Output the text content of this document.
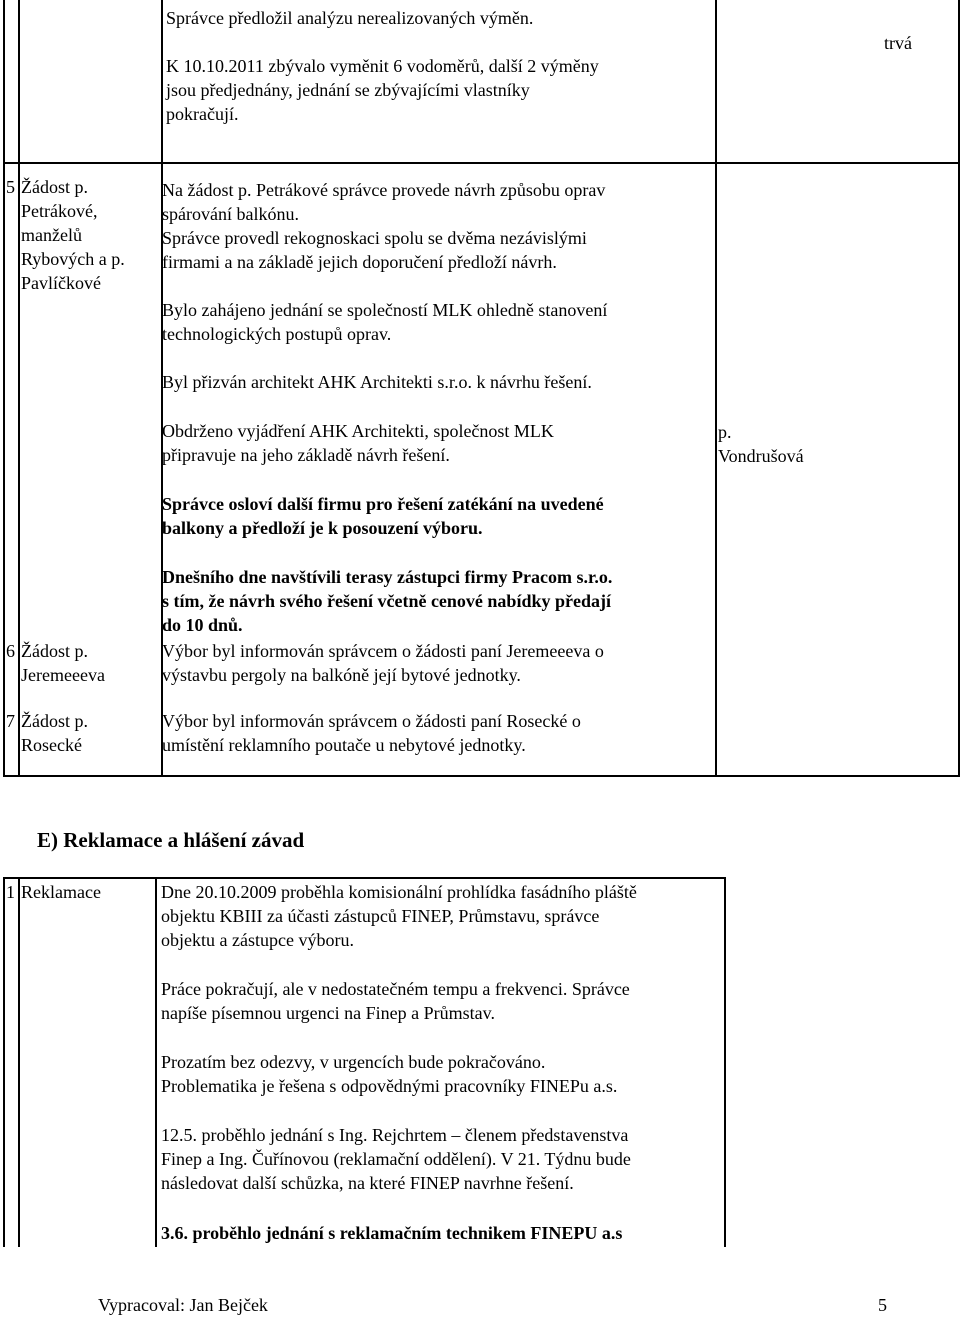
Správce předložil analýzu nerealizovaných výměn.
K 10.10.2011 zbývalo vyměnit 6 vodoměrů, další 2 výměny
jsou předjednány, jednání se zbývajícími vlastníky
pokračují.
trvá
5 Žádost p.
Petrákové,
manželů
Rybových a p.
Pavlíčkové
Na žádost p. Petrákové správce provede návrh způsobu oprav
spárování balkónu.
Správce provedl rekognoskaci spolu se dvěma nezávislými
firmami a na základě jejich doporučení předloží návrh.
Bylo zahájeno jednání se společností MLK ohledně stanovení
technologických postupů oprav.
Byl přizván architekt AHK Architekti s.r.o. k návrhu řešení.
Obdrženo vyjádření AHK Architekti, společnost MLK
připravuje na jeho základě návrh řešení.
Správce osloví další firmu pro řešení zatékání na uvedené
balkony a předloží je k posouzení výboru.
Dnešního dne navštívili terasy zástupci firmy Pracom s.r.o.
s tím, že návrh svého řešení včetně cenové nabídky předají
do 10 dnů.
p.
Vondrušová
6 Žádost p.
Jeremeeeva
Výbor byl informován správcem o žádosti paní Jeremeeeva o
výstavbu pergoly na balkóně její bytové jednotky.
7 Žádost p.
Rosecké
Výbor byl informován správcem o žádosti paní Rosecké o
umístění reklamního poutače u nebytové jednotky.
E) Reklamace a hlášení závad
1 Reklamace	Dne 20.10.2009 proběhla komisionální prohlídka fasádního pláště
objektu KBIII za účasti zástupců FINEP, Průmstavu, správce
objektu a zástupce výboru.
Práce pokračují, ale v nedostatečném tempu a frekvenci. Správce
napíše písemnou urgenci na Finep a Průmstav.
Prozatím bez odezvy, v urgencích bude pokračováno.
Problematika je řešena s odpovědnými pracovníky FINEPu a.s.
12.5. proběhlo jednání s Ing. Rejchrtem – členem představenstva
Finep a Ing. Čuřínovou (reklamační oddělení). V 21. Týdnu bude
následovat další schůzka, na které FINEP navrhne řešení.
3.6. proběhlo jednání s reklamačním technikem FINEPU a.s
Vypracoval: Jan Bejček	5
